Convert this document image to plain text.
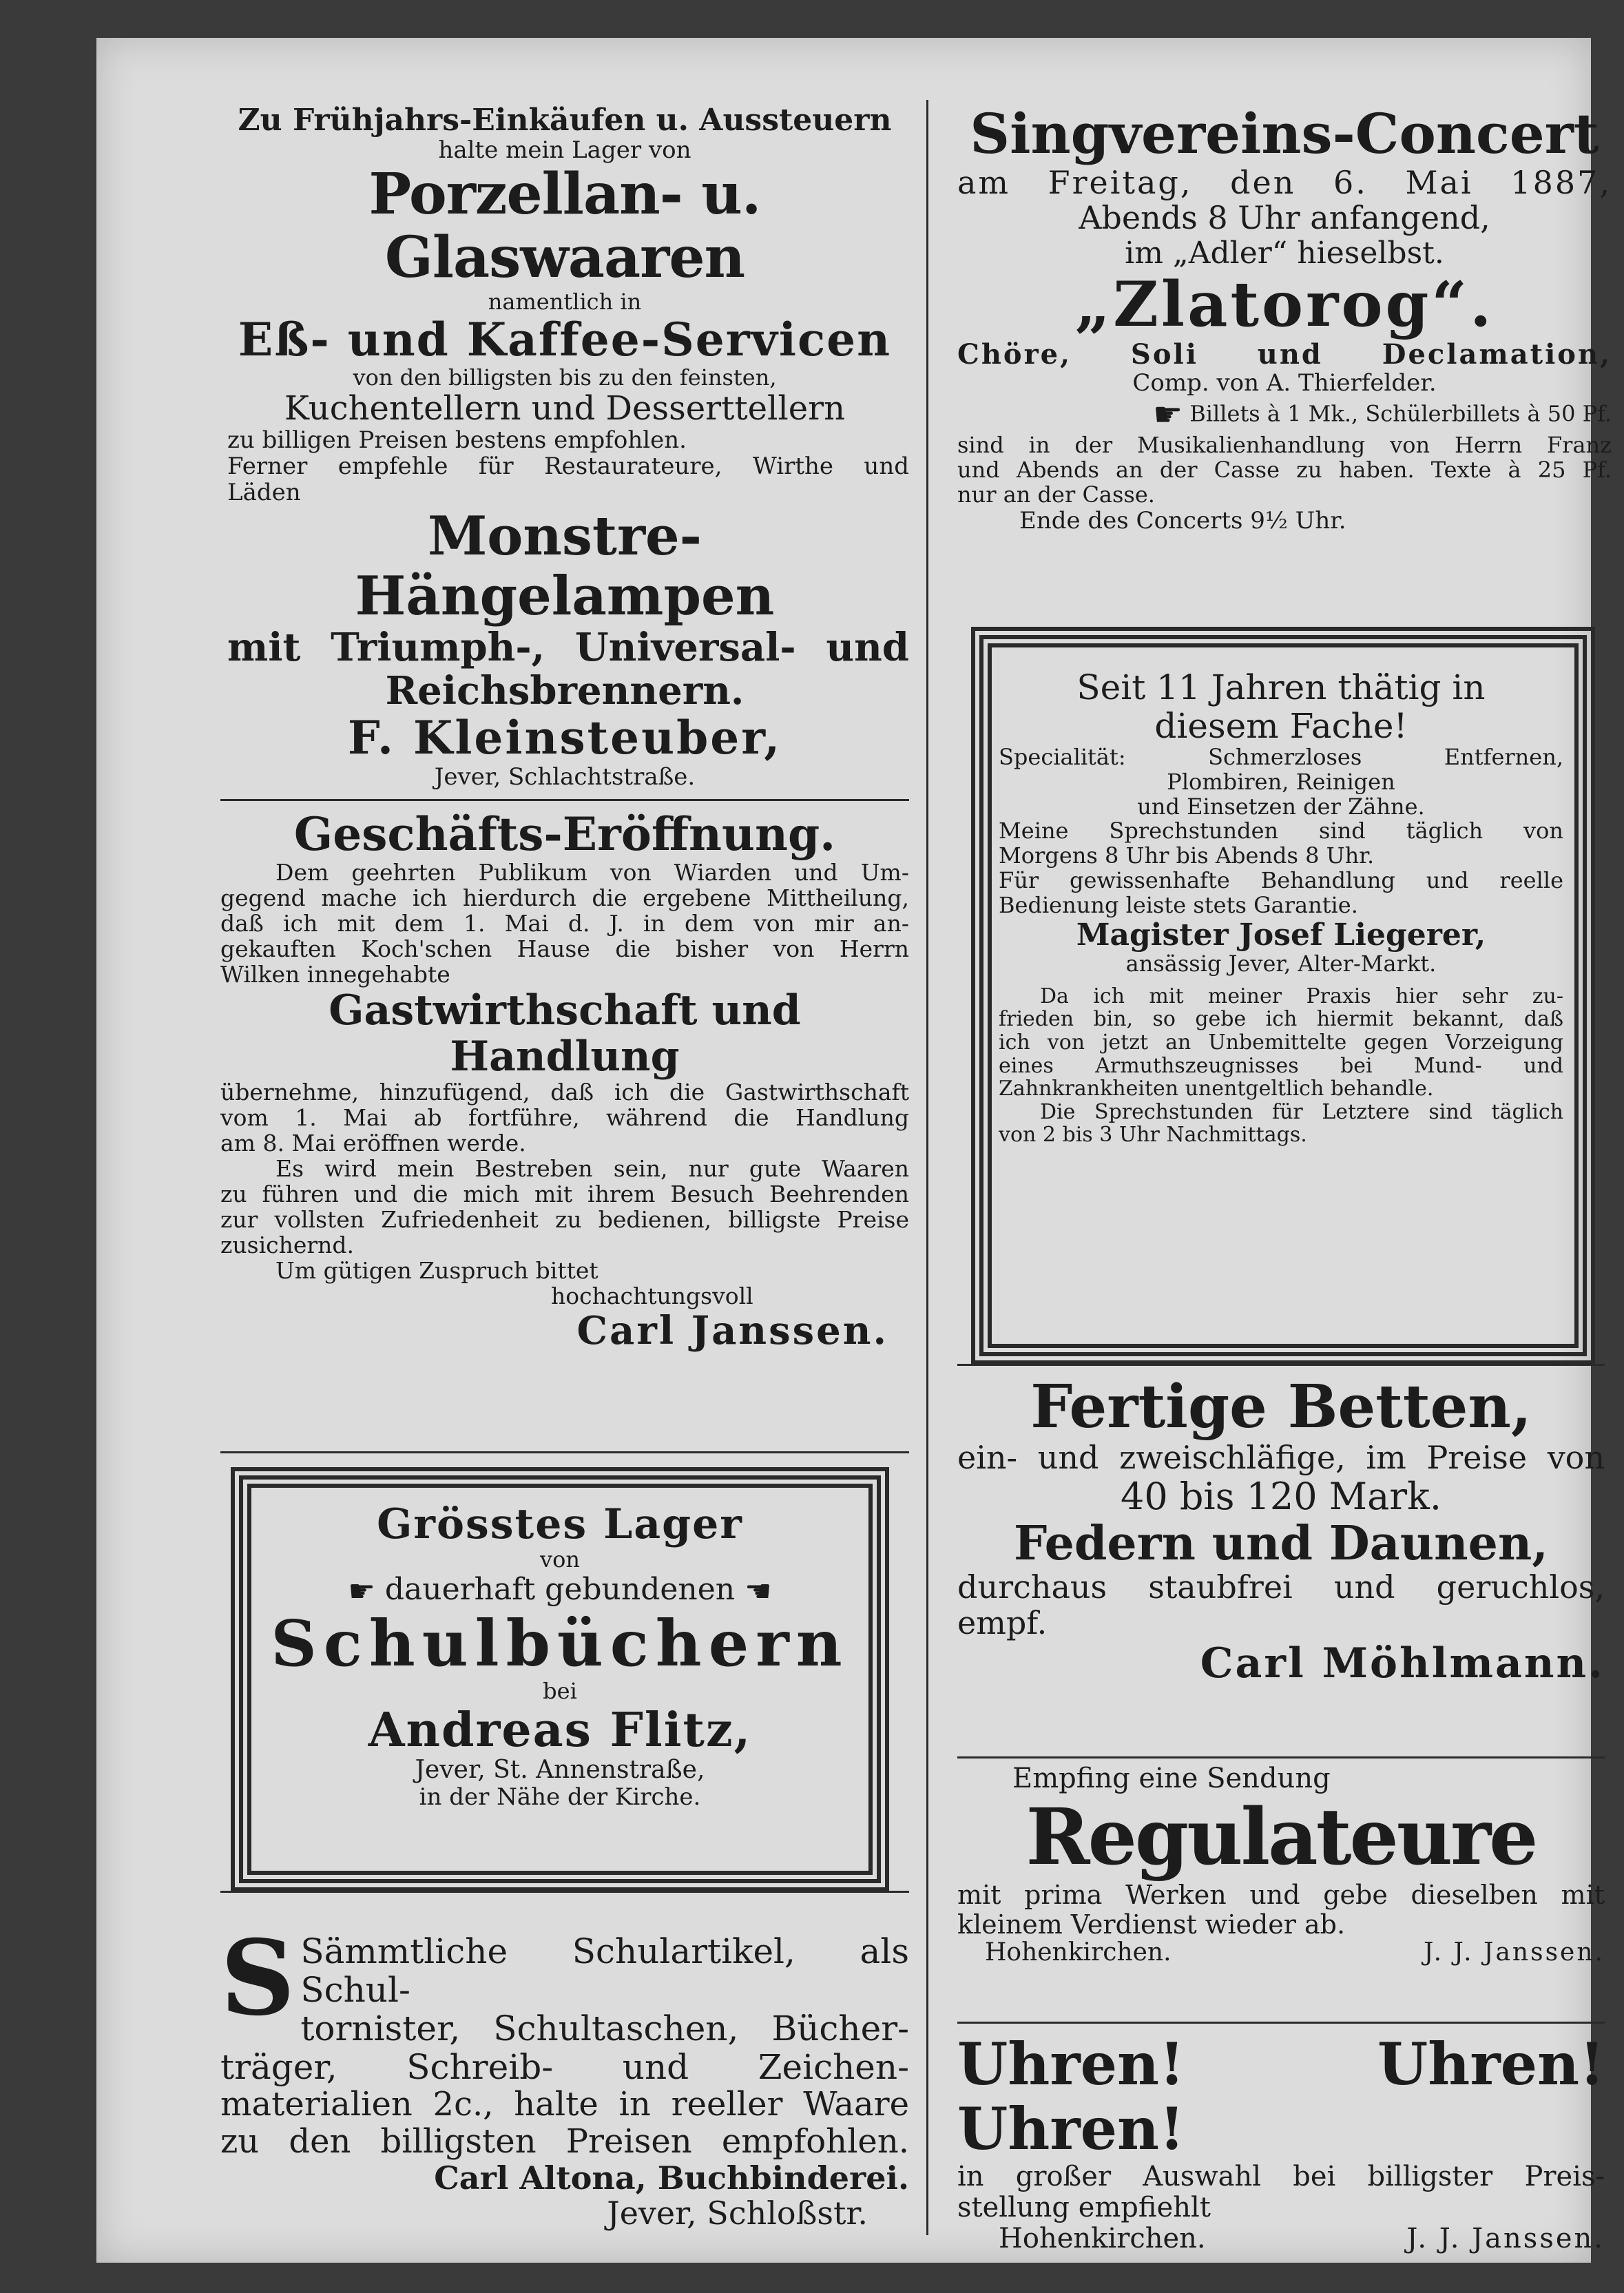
Zu Frühjahrs-Einkäufen u. Aussteuern

halte mein Lager von

Porzellan- u. Glaswaaren

namentlich in

Eß- und Kaffee-Servicen

von den billigsten bis zu den feinsten,

Kuchentellern und Desserttellern

zu billigen Preisen bestens empfohlen.

Ferner empfehle für Restaurateure, Wirthe und

Läden

Monstre-Hängelampen

mit Triumph-, Universal- und

Reichsbrennern.

F. Kleinsteuber,

Jever, Schlachtstraße.

Geschäfts-Eröffnung.

Dem geehrten Publikum von Wiarden und Um-

gegend mache ich hierdurch die ergebene Mittheilung,

daß ich mit dem 1. Mai d. J. in dem von mir an-

gekauften Koch'schen Hause die bisher von Herrn

Wilken innegehabte

Gastwirthschaft und Handlung

übernehme, hinzufügend, daß ich die Gastwirthschaft

vom 1. Mai ab fortführe, während die Handlung

am 8. Mai eröffnen werde.

Es wird mein Bestreben sein, nur gute Waaren

zu führen und die mich mit ihrem Besuch Beehrenden

zur vollsten Zufriedenheit zu bedienen, billigste Preise

zusichernd.

Um gütigen Zuspruch bittet

hochachtungsvoll

Carl Janssen.

Grösstes Lager

von

☛ dauerhaft gebundenen ☚

Schulbüchern

bei

Andreas Flitz,

Jever, St. Annenstraße,

in der Nähe der Kirche.

S Sämmtliche Schulartikel, als Schul-

tornister, Schultaschen, Bücher-

träger, Schreib- und Zeichen-

materialien 2c., halte in reeller Waare

zu den billigsten Preisen empfohlen.

Carl Altona, Buchbinderei.

Jever, Schloßstr.

Singvereins-Concert

am Freitag, den 6. Mai 1887,

Abends 8 Uhr anfangend,

im „Adler“ hieselbst.

„Zlatorog“.

Chöre, Soli und Declamation,

Comp. von A. Thierfelder.

☛ Billets à 1 Mk., Schülerbillets à 50 Pf.

sind in der Musikalienhandlung von Herrn Franz

und Abends an der Casse zu haben. Texte à 25 Pf.

nur an der Casse.

Ende des Concerts 9½ Uhr.

Seit 11 Jahren thätig in

diesem Fache!

Specialität: Schmerzloses Entfernen,

Plombiren, Reinigen

und Einsetzen der Zähne.

Meine Sprechstunden sind täglich von

Morgens 8 Uhr bis Abends 8 Uhr.

Für gewissenhafte Behandlung und reelle

Bedienung leiste stets Garantie.

Magister Josef Liegerer,

ansässig Jever, Alter-Markt.

Da ich mit meiner Praxis hier sehr zu-

frieden bin, so gebe ich hiermit bekannt, daß

ich von jetzt an Unbemittelte gegen Vorzeigung

eines Armuthszeugnisses bei Mund- und

Zahnkrankheiten unentgeltlich behandle.

Die Sprechstunden für Letztere sind täglich

von 2 bis 3 Uhr Nachmittags.

Fertige Betten,

ein- und zweischläfige, im Preise von

40 bis 120 Mark.

Federn und Daunen,

durchaus staubfrei und geruchlos, empf.

Carl Möhlmann.

Empfing eine Sendung

Regulateure

mit prima Werken und gebe dieselben mit

kleinem Verdienst wieder ab.

Hohenkirchen.	J. J. Janssen.

Uhren! Uhren! Uhren!

in großer Auswahl bei billigster Preis-

stellung empfiehlt

Hohenkirchen.	J. J. Janssen.
